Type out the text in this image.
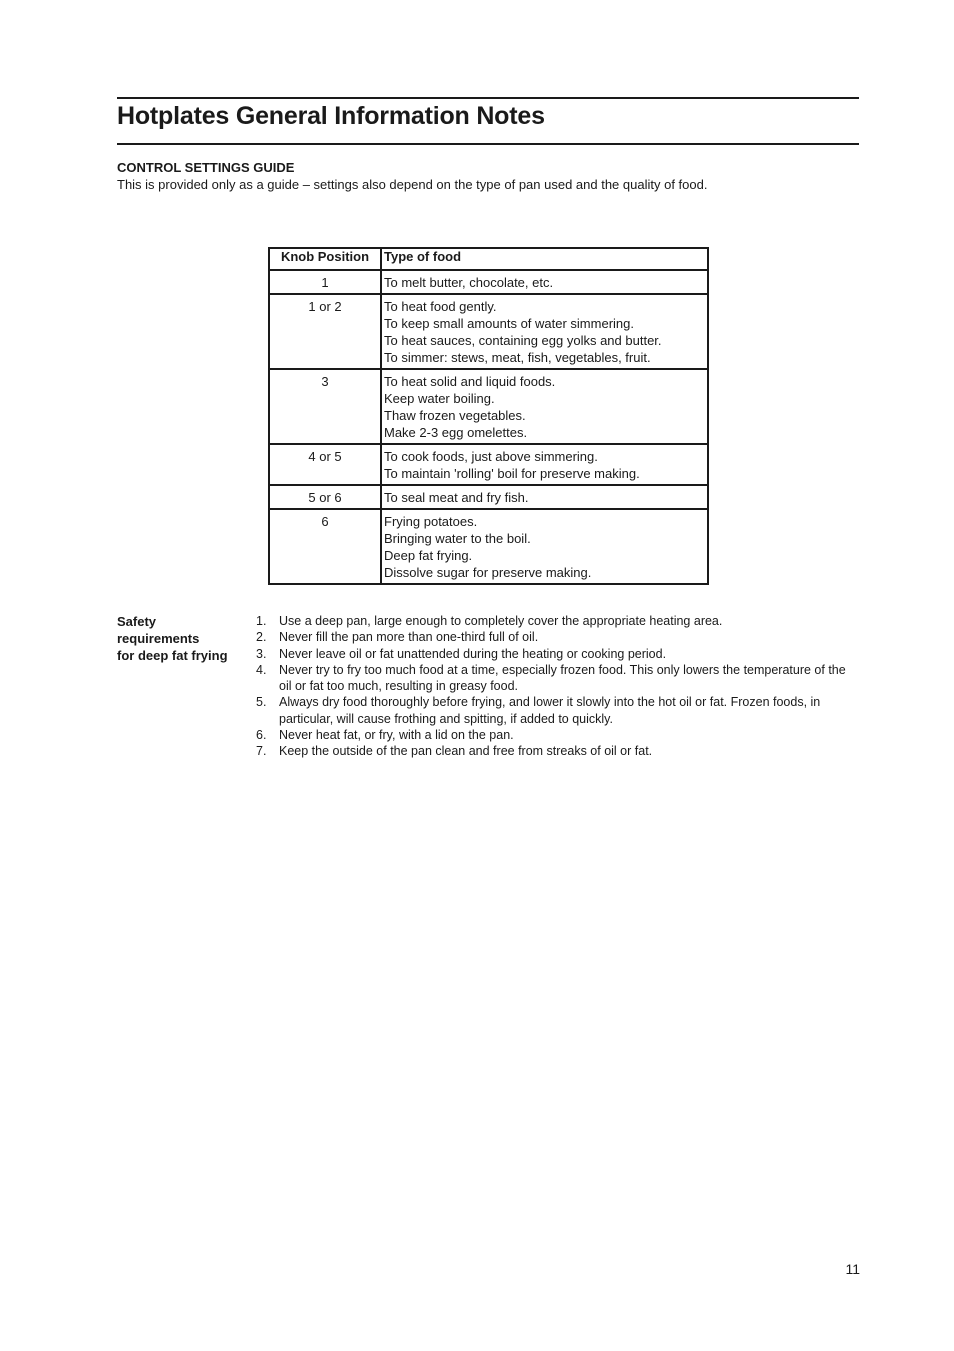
Hotplates General Information Notes
CONTROL SETTINGS GUIDE

This is provided only as a guide – settings also depend on the type of pan used and the quality of food.

Knob Position	Type of food

1	To melt butter, chocolate, etc.

1 or 2	To heat food gently.
To keep small amounts of water simmering.
To heat sauces, containing egg yolks and butter.
To simmer: stews, meat, fish, vegetables, fruit.

3	To heat solid and liquid foods.
Keep water boiling.
Thaw frozen vegetables.
Make 2-3 egg omelettes.

4 or 5	To cook foods, just above simmering.
To maintain 'rolling' boil for preserve making.

5 or 6	To seal meat and fry fish.

6	Frying potatoes.
Bringing water to the boil.
Deep fat frying.
Dissolve sugar for preserve making.
Safety
requirements
for deep fat frying
1. Use a deep pan, large enough to completely cover the appropriate heating area.
2. Never fill the pan more than one-third full of oil.
3. Never leave oil or fat unattended during the heating or cooking period.
4. Never try to fry too much food at a time, especially frozen food. This only lowers the temperature of the oil or fat too much, resulting in greasy food.
5. Always dry food thoroughly before frying, and lower it slowly into the hot oil or fat. Frozen foods, in particular, will cause frothing and spitting, if added to quickly.
6. Never heat fat, or fry, with a lid on the pan.
7. Keep the outside of the pan clean and free from streaks of oil or fat.
11
